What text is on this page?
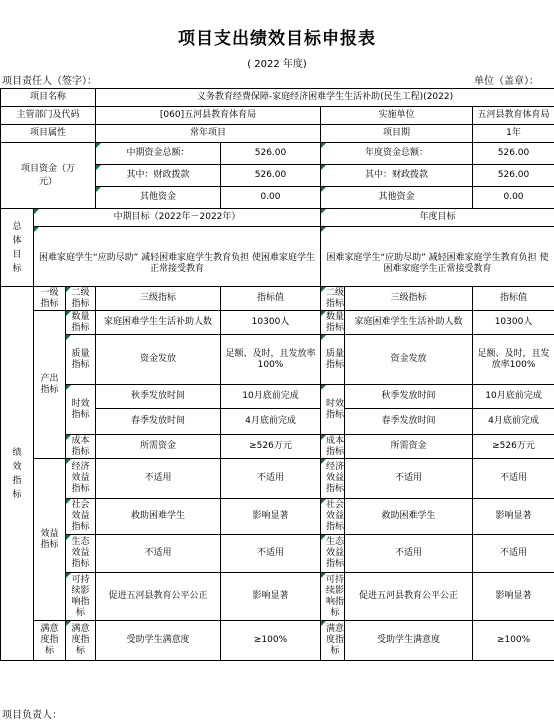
项目支出绩效目标申报表
( 2022 年度)
项目责任人（签字）：	单位（盖章）：
项目名称			义务教育经费保障-家庭经济困难学生生活补助(民生工程)(2022)				
主管部门及代码			[060]五河县教育体育局		实施单位		五河县教育体育局
项目属性			常年项目		项目期		1年
项目资金（万元）			中期资金总额：	526.00	年度资金总额：		526.00
			其中：财政拨款	526.00	其中：财政拨款		526.00
			其他资金	0.00	其他资金		0.00
总体目标	中期目标（2022年－2022年）				年度目标		
	困难家庭学生“应助尽助” 减轻困难家庭学生教育负担 使困难家庭学生正常接受教育				困难家庭学生“应助尽助” 减轻困难家庭学生教育负担 使困难家庭学生正常接受教育		
绩效指标	一级指标	二级指标	三级指标	指标值	二级指标	三级指标	指标值
	产出指标	数量指标	家庭困难学生生活补助人数	10300人	数量指标	家庭困难学生生活补助人数	10300人
		质量指标	资金发放	足额、及时，且发放率100%	质量指标	资金发放	足额、及时，且发放率100%
		时效指标	秋季发放时间	10月底前完成	时效指标	秋季发放时间	10月底前完成
			春季发放时间	4月底前完成		春季发放时间	4月底前完成
		成本指标	所需资金	≥526万元	成本指标	所需资金	≥526万元
	效益指标	经济效益指标	不适用	不适用	经济效益指标	不适用	不适用
		社会效益指标	救助困难学生	影响显著	社会效益指标	救助困难学生	影响显著
		生态效益指标	不适用	不适用	生态效益指标	不适用	不适用
		可持续影响指标	促进五河县教育公平公正	影响显著	可持续影响指标	促进五河县教育公平公正	影响显著
	满意度指标	满意度指标	受助学生满意度	≥100%	满意度指标	受助学生满意度	≥100%
项目负责人：
